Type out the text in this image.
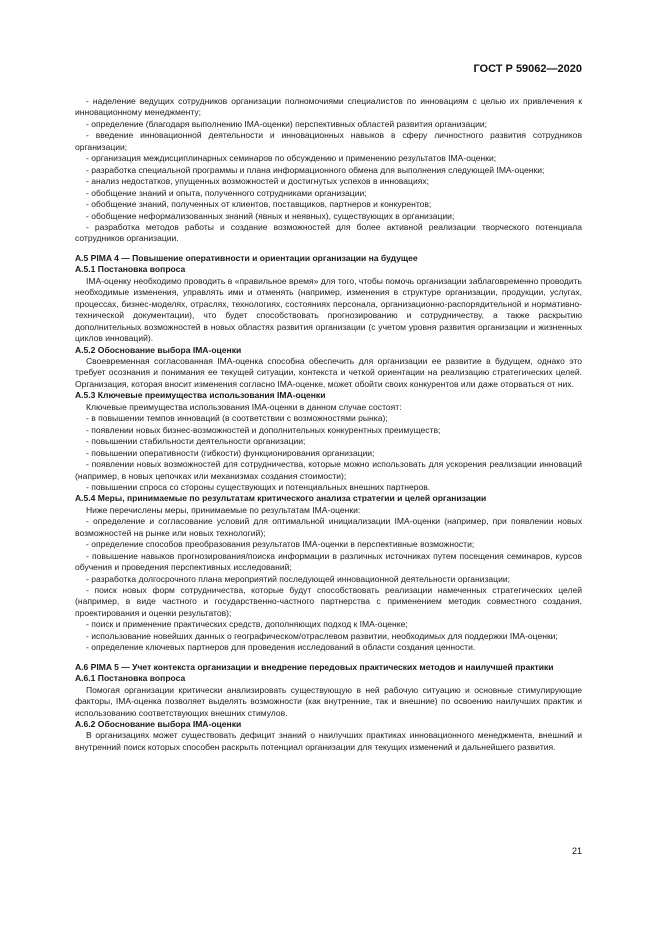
ГОСТ Р 59062—2020

- наделение ведущих сотрудников организации полномочиями специалистов по инновациям с целью их привлечения к инновационному менеджменту;

- определение (благодаря выполнению IMA-оценки) перспективных областей развития организации;

- введение инновационной деятельности и инновационных навыков в сферу личностного развития сотрудников организации;

- организация междисциплинарных семинаров по обсуждению и применению результатов IMA-оценки;

- разработка специальной программы и плана информационного обмена для выполнения следующей IMA-оценки;

- анализ недостатков, упущенных возможностей и достигнутых успехов в инновациях;

- обобщение знаний и опыта, полученного сотрудниками организации;

- обобщение знаний, полученных от клиентов, поставщиков, партнеров и конкурентов;

- обобщение неформализованных знаний (явных и неявных), существующих в организации;

- разработка методов работы и создание возможностей для более активной реализации творческого потенциала сотрудников организации.

А.5 PIMA 4 — Повышение оперативности и ориентации организации на будущее
А.5.1 Постановка вопроса

IMA-оценку необходимо проводить в «правильное время» для того, чтобы помочь организации заблаговременно проводить необходимые изменения, управлять ими и отменять (например, изменения в структуре организации, продукции, услугах, процессах, бизнес-моделях, отраслях, технологиях, состояниях персонала, организационно-распорядительной и нормативно-технической документации), что будет способствовать прогнозированию и сотрудничеству, а также раскрытию дополнительных возможностей в новых областях развития организации (с учетом уровня развития организации и жизненных циклов инноваций).

А.5.2 Обоснование выбора IMA-оценки

Своевременная согласованная IMA-оценка способна обеспечить для организации ее развитие в будущем, однако это требует осознания и понимания ее текущей ситуации, контекста и четкой ориентации на реализацию стратегических целей. Организация, которая вносит изменения согласно IMA-оценке, может обойти своих конкурентов или даже оторваться от них.

А.5.3 Ключевые преимущества использования IMA-оценки

Ключевые преимущества использования IMA-оценки в данном случае состоят:

- в повышении темпов инноваций (в соответствии с возможностями рынка);

- появлении новых бизнес-возможностей и дополнительных конкурентных преимуществ;

- повышении стабильности деятельности организации;

- повышении оперативности (гибкости) функционирования организации;

- появлении новых возможностей для сотрудничества, которые можно использовать для ускорения реализации инноваций (например, в новых цепочках или механизмах создания стоимости);

- повышении спроса со стороны существующих и потенциальных внешних партнеров.

А.5.4 Меры, принимаемые по результатам критического анализа стратегии и целей организации

Ниже перечислены меры, принимаемые по результатам IMA-оценки:

- определение и согласование условий для оптимальной инициализации IMA-оценки (например, при появлении новых возможностей на рынке или новых технологий);

- определение способов преобразования результатов IMA-оценки в перспективные возможности;

- повышение навыков прогнозирования/поиска информации в различных источниках путем посещения семинаров, курсов обучения и проведения перспективных исследований;

- разработка долгосрочного плана мероприятий последующей инновационной деятельности организации;

- поиск новых форм сотрудничества, которые будут способствовать реализации намеченных стратегических целей (например, в виде частного и государственно-частного партнерства с применением методик совместного создания, проектирования и оценки результатов);

- поиск и применение практических средств, дополняющих подход к IMA-оценке;

- использование новейших данных о географическом/отраслевом развитии, необходимых для поддержки IMA-оценки;

- определение ключевых партнеров для проведения исследований в области создания ценности.

А.6 PIMA 5 — Учет контекста организации и внедрение передовых практических методов и наилучшей практики
А.6.1 Постановка вопроса

Помогая организации критически анализировать существующую в ней рабочую ситуацию и основные стимулирующие факторы, IMA-оценка позволяет выделять возможности (как внутренние, так и внешние) по освоению наилучших практик и использованию соответствующих внешних стимулов.

А.6.2 Обоснование выбора IMA-оценки

В организациях может существовать дефицит знаний о наилучших практиках инновационного менеджмента, внешний и внутренний поиск которых способен раскрыть потенциал организации для текущих изменений и дальнейшего развития.

21
